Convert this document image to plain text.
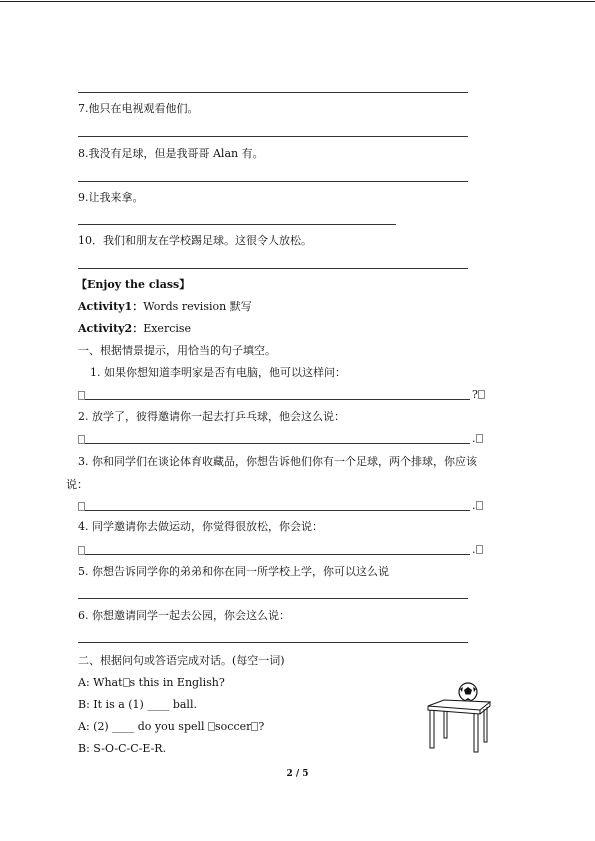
7.他只在电视观看他们。
8.我没有足球，但是我哥哥 Alan 有。
9.让我来拿。
10．我们和朋友在学校踢足球。这很令人放松。
【Enjoy the class】
Activity1：Words revision 默写
Activity2：Exercise
一、根据情景提示，用恰当的句子填空。
1. 如果你想知道李明家是否有电脑，他可以这样问：
?
2. 放学了，彼得邀请你一起去打乒乓球，他会这么说：
.
3. 你和同学们在谈论体育收藏品，你想告诉他们你有一个足球，两个排球，你应该
说：
.
4. 同学邀请你去做运动，你觉得很放松，你会说：
.
5. 你想告诉同学你的弟弟和你在同一所学校上学，你可以这么说
6. 你想邀请同学一起去公园，你会这么说：
二、根据问句或答语完成对话。(每空一词)
A: What s this in English?
B: It is a (1) ____ ball.
A: (2) ____ do you spell soccer ?
B: S-O-C-C-E-R.
2 / 5
